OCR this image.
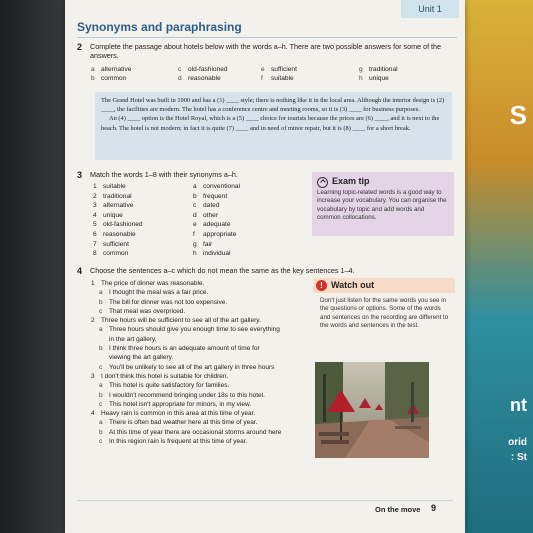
S
nt
orid
: St
Unit 1
Synonyms and paraphrasing
2 Complete the passage about hotels below with the words a–h. There are two possible answers for some of the answers.
a alternative
b common
c old-fashioned
d reasonable
e sufficient
f suitable
g traditional
h unique

The Grand Hotel was built in 1900 and has a (1) ____ style; there is nothing like it in the local area. Although the interior design is (2) ____, the facilities are modern. The hotel has a conference centre and meeting rooms, so it is (3) ____ for business purposes.

An (4) ____ option is the Hotel Royal, which is a (5) ____ choice for tourists because the prices are (6) ____, and it is next to the beach. The hotel is not modern; in fact it is quite (7) ____ and in need of minor repair, but it is (8) ____ for a short break.

3 Match the words 1–8 with their synonyms a–h.
1 suitable
2 traditional
3 alternative
4 unique
5 old-fashioned
6 reasonable
7 sufficient
8 common
a conventional
b frequent
c dated
d other
e adequate
f appropriate
g fair
h individual
Exam tip
Learning topic-related words is a good way to increase your vocabulary. You can organise the vocabulary by topic and add words and common collocations.
4 Choose the sentences a–c which do not mean the same as the key sentences 1–4.
1 The price of dinner was reasonable.
a I thought the meal was a fair price.
b The bill for dinner was not too expensive.
c That meal was overpriced.
2 Three hours will be sufficient to see all of the art gallery.
a Three hours should give you enough time to see everything
in the art gallery.
b I think three hours is an adequate amount of time for
viewing the art gallery.
c You'll be unlikely to see all of the art gallery in three hours
3 I don't think this hotel is suitable for children.
a This hotel is quite satisfactory for families.
b I wouldn't recommend bringing under 18s to this hotel.
c This hotel isn't appropriate for minors, in my view.
4 Heavy rain is common in this area at this time of year.
a There is often bad weather here at this time of year.
b At this time of year there are occasional storms around here
c In this region rain is frequent at this time of year.
! Watch out
Don't just listen for the same words you see in the questions or options. Some of the words and sentences on the recording are different to the words and sentences in the test.
On the move 9
